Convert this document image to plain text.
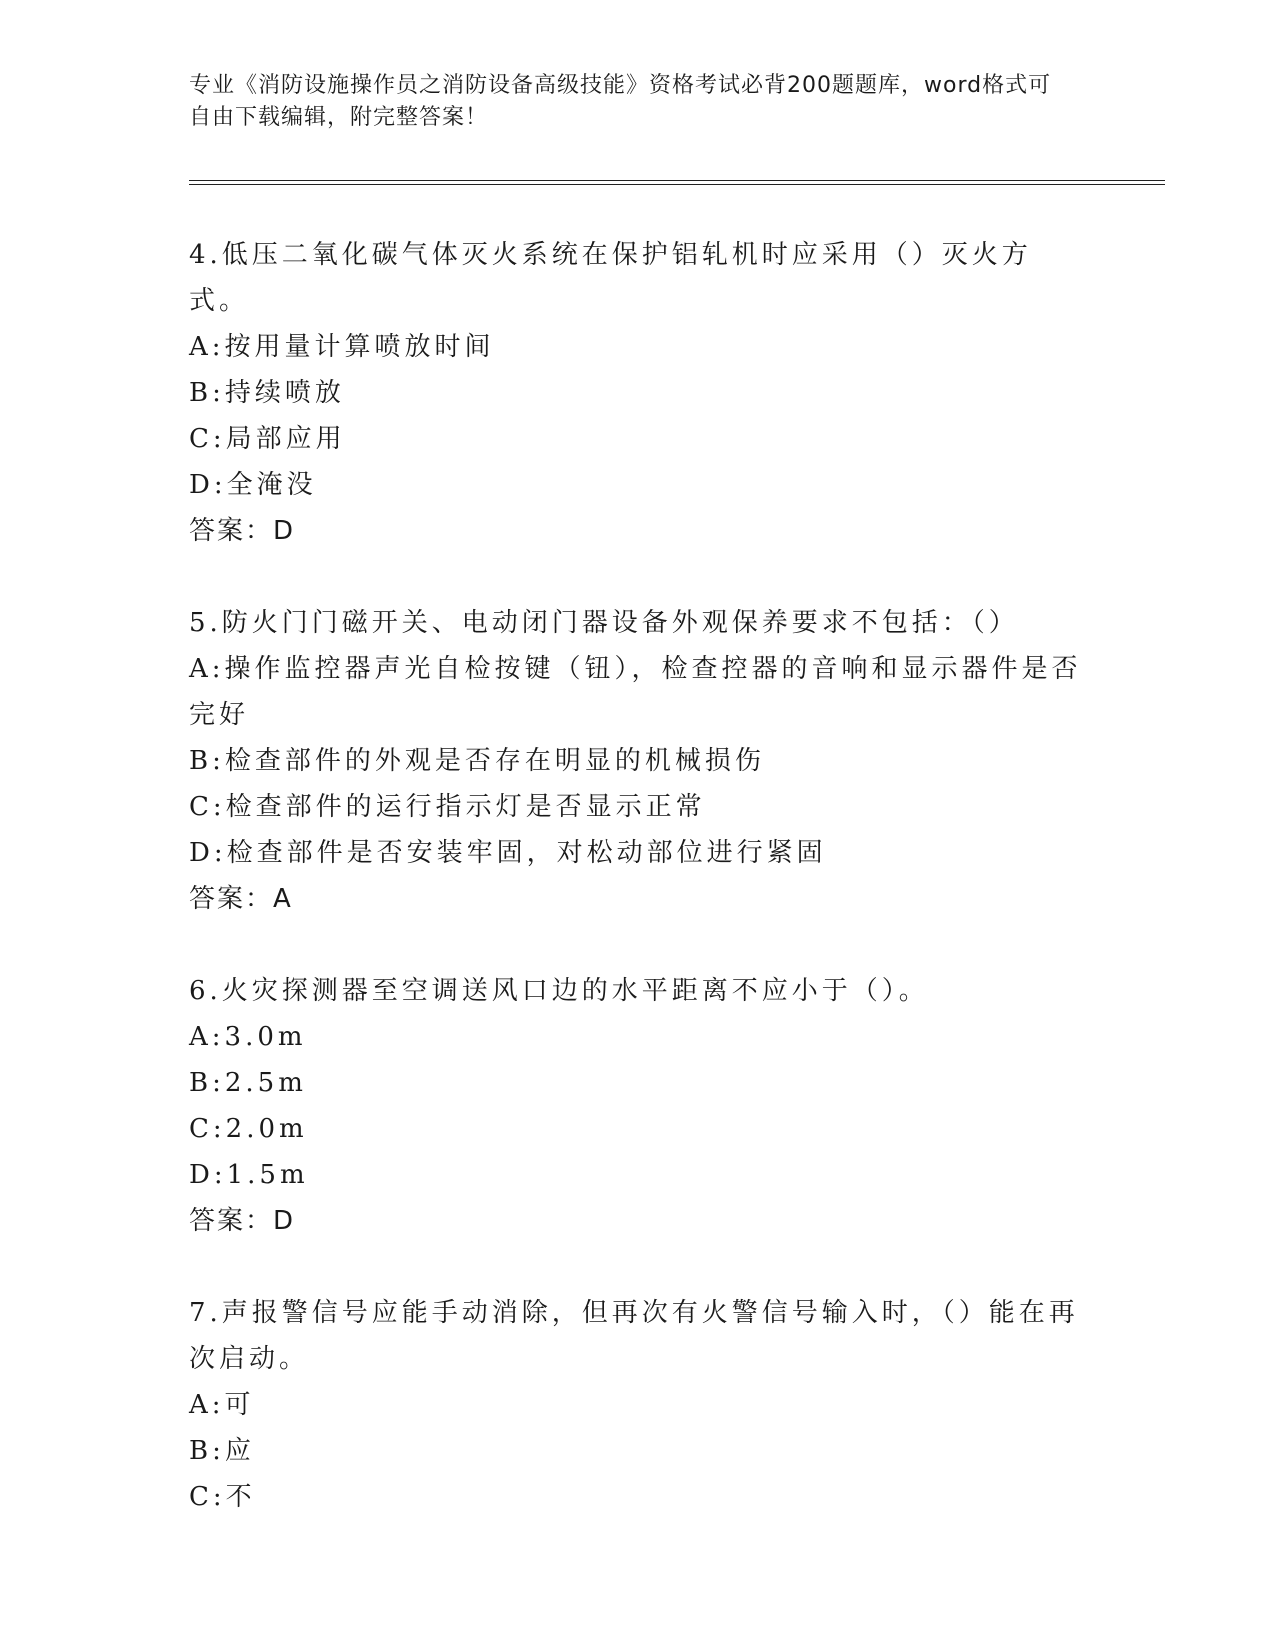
专业《消防设施操作员之消防设备高级技能》资格考试必背200题题库，word格式可自由下载编辑，附完整答案！
4.低压二氧化碳气体灭火系统在保护铝轧机时应采用（）灭火方式。
A:按用量计算喷放时间
B:持续喷放
C:局部应用
D:全淹没
答案：D
5.防火门门磁开关、电动闭门器设备外观保养要求不包括：（）
A:操作监控器声光自检按键（钮），检查控器的音响和显示器件是否完好
B:检查部件的外观是否存在明显的机械损伤
C:检查部件的运行指示灯是否显示正常
D:检查部件是否安装牢固，对松动部位进行紧固
答案：A
6.火灾探测器至空调送风口边的水平距离不应小于（）。
A:3.0m
B:2.5m
C:2.0m
D:1.5m
答案：D
7.声报警信号应能手动消除，但再次有火警信号输入时，（）能在再次启动。
A:可
B:应
C:不
